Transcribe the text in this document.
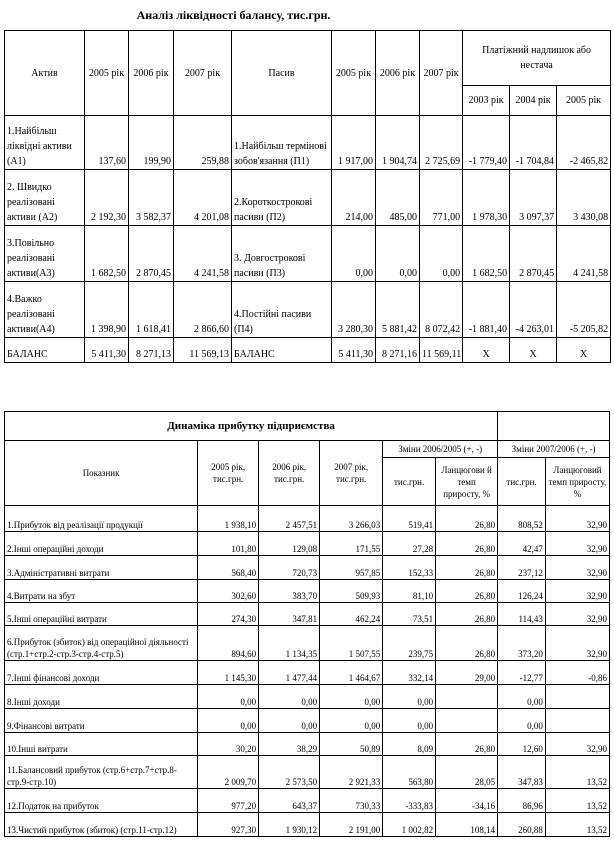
Аналіз ліквідності балансу, тис.грн.										
Актив	2005 рік	2006 рік	2007 рік	Пасив	2005 рік	2006 рік	2007 рік	Платіжний надлишок або нестача		
								2003 рік	2004 рік	2005 рік
1.Найбільш ліквідні активи (А1)	137,60	199,90	259,88	1.Найбільш термінові зобов'язання (П1)	1 917,00	1 904,74	2 725,69	-1 779,40	-1 704,84	-2 465,82
2. Швидко реалізовані активи (А2)	2 192,30	3 582,37	4 201,08	2.Короткострокові пасиви (П2)	214,00	485,00	771,00	1 978,30	3 097,37	3 430,08
3.Повільно реалізовані активи(А3)	1 682,50	2 870,45	4 241,58	3. Довгострокові пасиви (П3)	0,00	0,00	0,00	1 682,50	2 870,45	4 241,58
4.Важко реалізовані активи(А4)	1 398,90	1 618,41	2 866,60	4.Постійні пасиви (П4)	3 280,30	5 881,42	8 072,42	-1 881,40	-4 263,01	-5 205,82
БАЛАНС	5 411,30	8 271,13	11 569,13	БАЛАНС	5 411,30	8 271,16	11 569,11	Х	Х	Х
Динаміка прибутку підприємства							
Показник	2005 рік, тис.грн.	2006 рік, тис.грн.	2007 рік, тис.грн.	Зміни 2006/2005 (+, -)		Зміни 2007/2006 (+, -)	
				тис.грн.	Ланцюгови й темп приросту, %	тис.грн.	Ланцюговий темп приросту, %
1.Прибуток від реалізації продукції	1 938,10	2 457,51	3 266,03	519,41	26,80	808,52	32,90
2.Інші операційні доходи	101,80	129,08	171,55	27,28	26,80	42,47	32,90
3.Адміністративні витрати	568,40	720,73	957,85	152,33	26,80	237,12	32,90
4.Витрати на збут	302,60	383,70	509,93	81,10	26,80	126,24	32,90
5.Інші операційні витрати	274,30	347,81	462,24	73,51	26,80	114,43	32,90
6.Прибуток (збиток) від операційної діяльності (стр.1+стр.2-стр.3-стр.4-стр.5)	894,60	1 134,35	1 507,55	239,75	26,80	373,20	32,90
7.Інші фінансові доходи	1 145,30	1 477,44	1 464,67	332,14	29,00	-12,77	-0,86
8.Інші доходи	0,00	0,00	0,00	0,00		0,00	
9.Фінансові витрати	0,00	0,00	0,00	0,00		0,00	
10.Інші витрати	30,20	38,29	50,89	8,09	26,80	12,60	32,90
11.Балансовий прибуток (стр.6+стр.7+стр.8-стр.9-стр.10)	2 009,70	2 573,50	2 921,33	563,80	28,05	347,83	13,52
12.Податок на прибуток	977,20	643,37	730,33	-333,83	-34,16	86,96	13,52
13.Чистий прибуток (збиток) (стр.11-стр.12)	927,30	1 930,12	2 191,00	1 002,82	108,14	260,88	13,52
